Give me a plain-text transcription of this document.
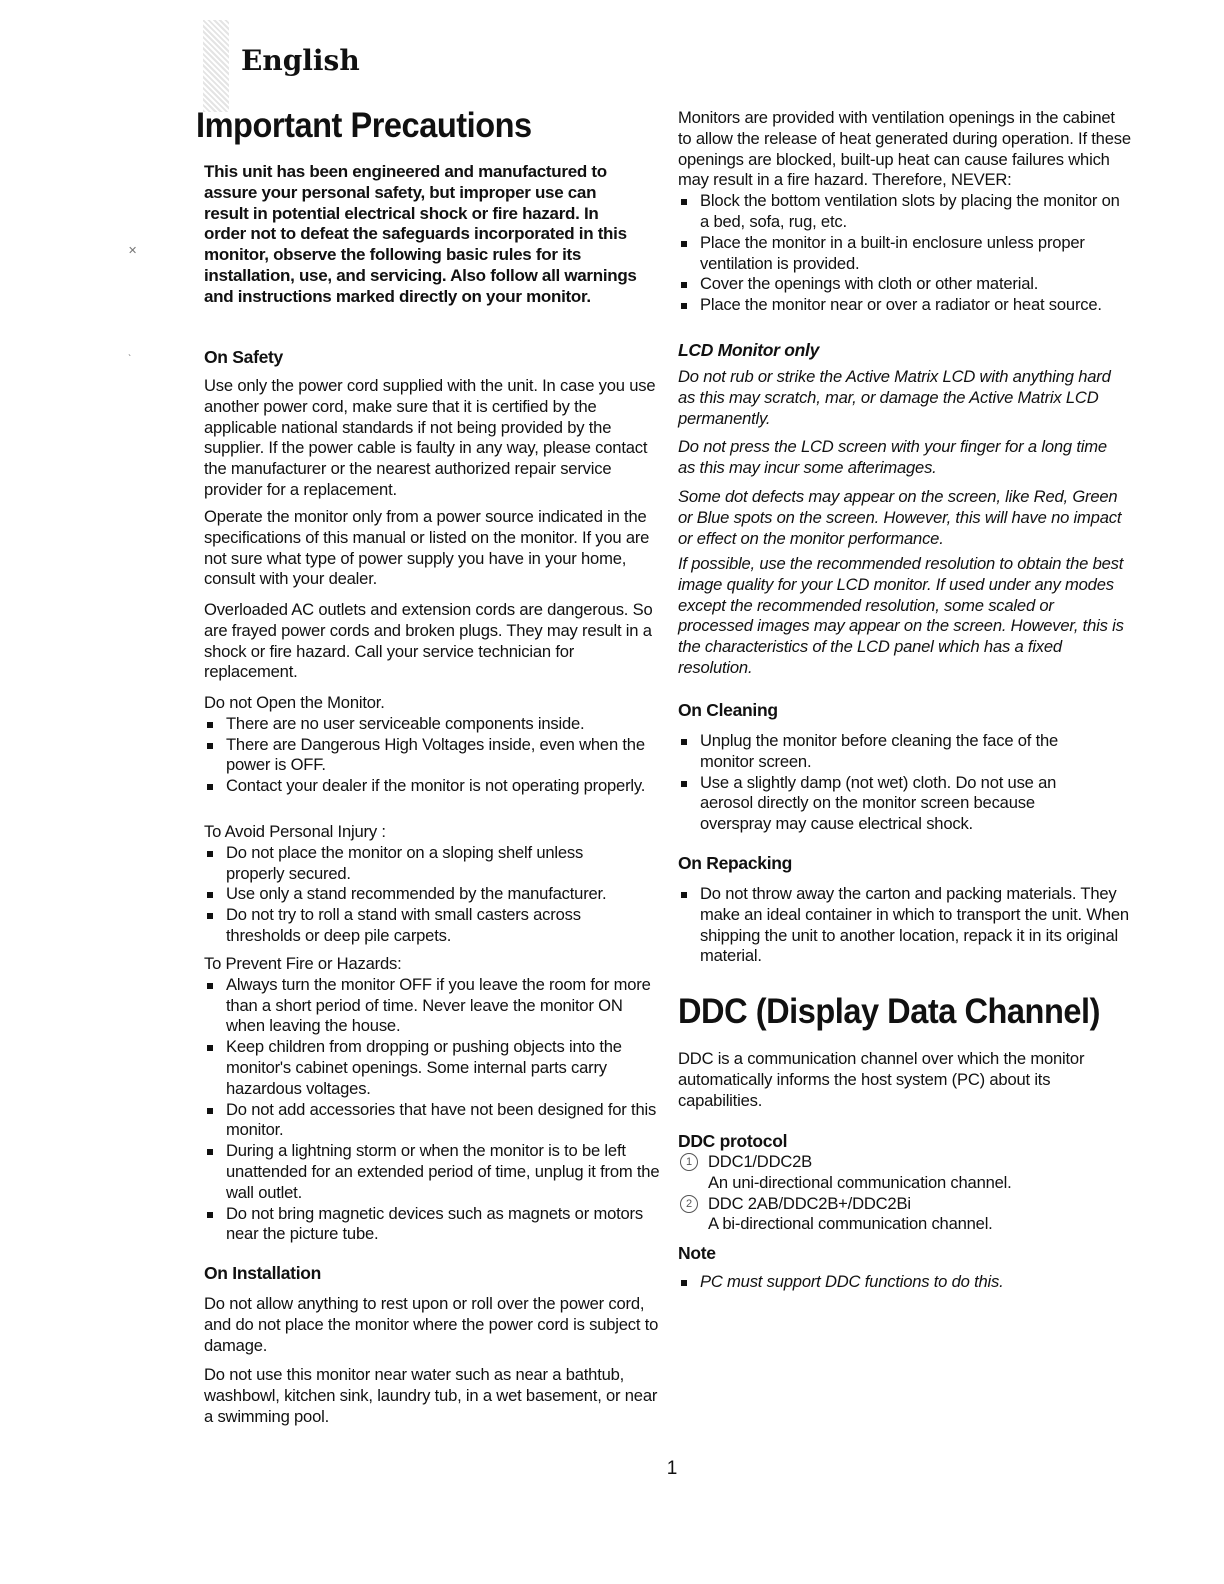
English
Important Precautions
This unit has been engineered and manufactured to assure your personal safety, but improper use can result in potential electrical shock or fire hazard. In order not to defeat the safeguards incorporated in this monitor, observe the following basic rules for its installation, use, and servicing. Also follow all warnings and instructions marked directly on your monitor.
On Safety
Use only the power cord supplied with the unit. In case you use another power cord, make sure that it is certified by the applicable national standards if not being provided by the supplier. If the power cable is faulty in any way, please contact the manufacturer or the nearest authorized repair service provider for a replacement.
Operate the monitor only from a power source indicated in the specifications of this manual or listed on the monitor. If you are not sure what type of power supply you have in your home, consult with your dealer.
Overloaded AC outlets and extension cords are dangerous. So are frayed power cords and broken plugs. They may result in a shock or fire hazard. Call your service technician for replacement.
Do not Open the Monitor.
There are no user serviceable components inside.
There are Dangerous High Voltages inside, even when the power is OFF.
Contact your dealer if the monitor is not operating properly.
To Avoid Personal Injury :
Do not place the monitor on a sloping shelf unless properly secured.
Use only a stand recommended by the manufacturer.
Do not try to roll a stand with small casters across thresholds or deep pile carpets.
To Prevent Fire or Hazards:
Always turn the monitor OFF if you leave the room for more than a short period of time. Never leave the monitor ON when leaving the house.
Keep children from dropping or pushing objects into the monitor's cabinet openings. Some internal parts carry hazardous voltages.
Do not add accessories that have not been designed for this monitor.
During a lightning storm or when the monitor is to be left unattended for an extended period of time, unplug it from the wall outlet.
Do not bring magnetic devices such as magnets or motors near the picture tube.
On Installation
Do not allow anything to rest upon or roll over the power cord, and do not place the monitor where the power cord is subject to damage.
Do not use this monitor near water such as near a bathtub, washbowl, kitchen sink, laundry tub, in a wet basement, or near a swimming pool.
Monitors are provided with ventilation openings in the cabinet to allow the release of heat generated during operation. If these openings are blocked, built-up heat can cause failures which may result in a fire hazard. Therefore, NEVER:
Block the bottom ventilation slots by placing the monitor on a bed, sofa, rug, etc.
Place the monitor in a built-in enclosure unless proper ventilation is provided.
Cover the openings with cloth or other material.
Place the monitor near or over a radiator or heat source.
LCD Monitor only
Do not rub or strike the Active Matrix LCD with anything hard as this may scratch, mar, or damage the Active Matrix LCD permanently.
Do not press the LCD screen with your finger for a long time as this may incur some afterimages.
Some dot defects may appear on the screen, like Red, Green or Blue spots on the screen. However, this will have no impact or effect on the monitor performance.
If possible, use the recommended resolution to obtain the best image quality for your LCD monitor. If used under any modes except the recommended resolution, some scaled or processed images may appear on the screen. However, this is the characteristics of the LCD panel which has a fixed resolution.
On Cleaning
Unplug the monitor before cleaning the face of the monitor screen.
Use a slightly damp (not wet) cloth. Do not use an aerosol directly on the monitor screen because overspray may cause electrical shock.
On Repacking
Do not throw away the carton and packing materials. They make an ideal container in which to transport the unit. When shipping the unit to another location, repack it in its original material.
DDC (Display Data Channel)
DDC is a communication channel over which the monitor automatically informs the host system (PC) about its capabilities.
DDC protocol
1 DDC1/DDC2B
An uni-directional communication channel.
2 DDC 2AB/DDC2B+/DDC2Bi
A bi-directional communication channel.
Note
PC must support DDC functions to do this.
✕
ˎ
1
